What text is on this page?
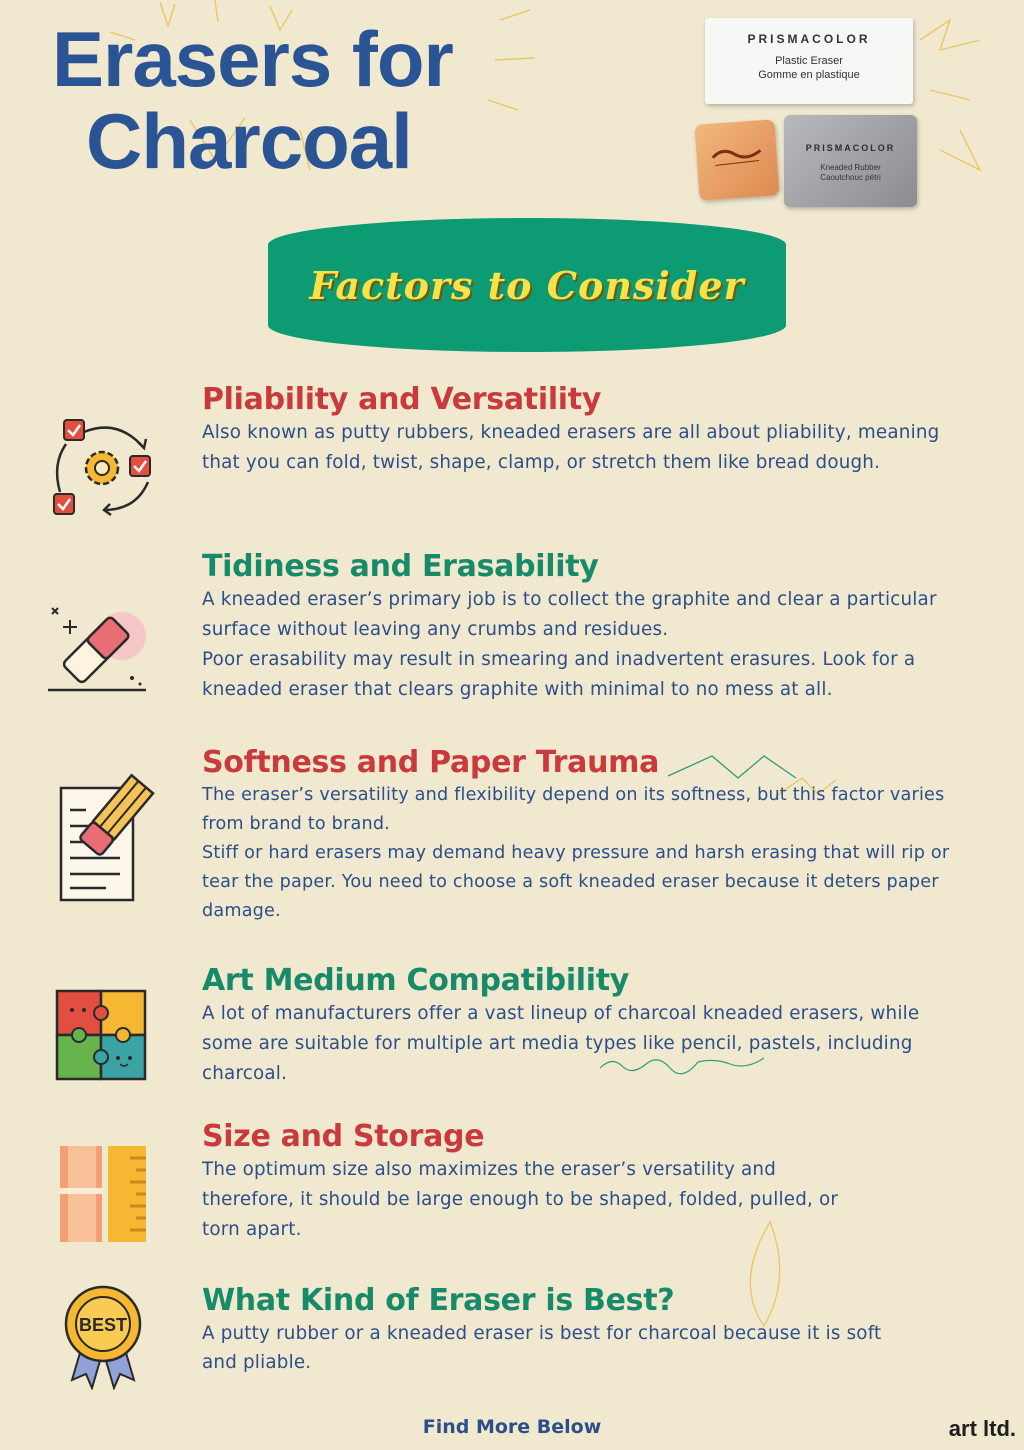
Erasers for
Charcoal
PRISMACOLOR
Plastic Eraser
Gomme en plastique
PRISMACOLOR
Kneaded Rubber
Caoutchouc pétri
Factors to Consider
Pliability and Versatility

Also known as putty rubbers, kneaded erasers are all about pliability, meaning that you can fold, twist, shape, clamp, or stretch them like bread dough.

Tidiness and Erasability

A kneaded eraser’s primary job is to collect the graphite and clear a particular surface without leaving any crumbs and residues.

Poor erasability may result in smearing and inadvertent erasures. Look for a kneaded eraser that clears graphite with minimal to no mess at all.

Softness and Paper Trauma

The eraser’s versatility and flexibility depend on its softness, but this factor varies from brand to brand.

Stiff or hard erasers may demand heavy pressure and harsh erasing that will rip or tear the paper. You need to choose a soft kneaded eraser because it deters paper damage.

Art Medium Compatibility

A lot of manufacturers offer a vast lineup of charcoal kneaded erasers, while some are suitable for multiple art media types like pencil, pastels, including charcoal.

Size and Storage

The optimum size also maximizes the eraser’s versatility and therefore, it should be large enough to be shaped, folded, pulled, or torn apart.

BEST
What Kind of Eraser is Best?

A putty rubber or a kneaded eraser is best for charcoal because it is soft and pliable.

Find More Below	art ltd.
